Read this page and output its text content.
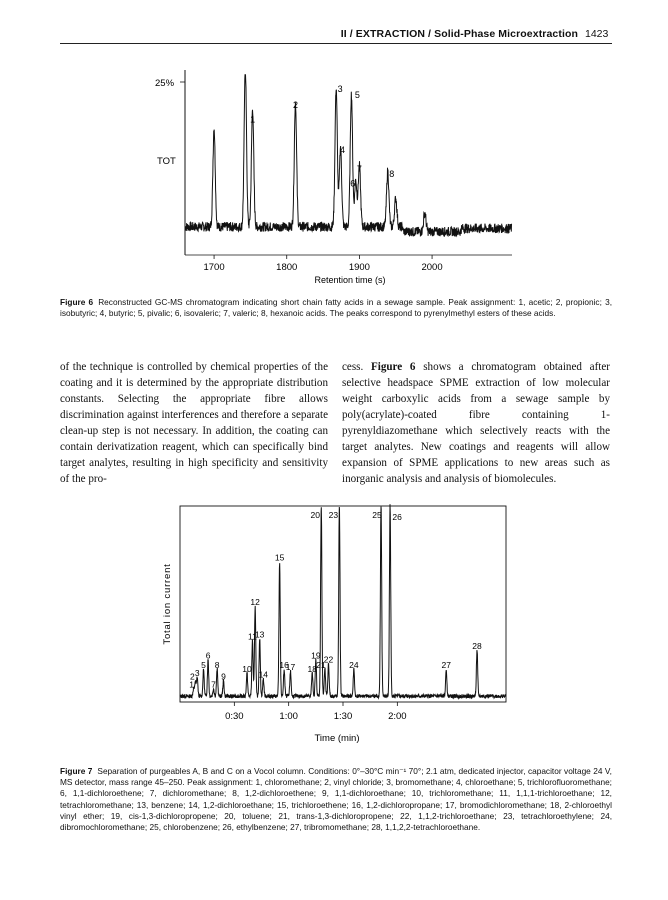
II / EXTRACTION / Solid-Phase Microextraction 1423
25%
TOT
Retention time (s)
1700	1800	1900	2000
1
2
3
4
5
6
7	8
Figure 6 Reconstructed GC-MS chromatogram indicating short chain fatty acids in a sewage sample. Peak assignment: 1, acetic; 2, propionic; 3, isobutyric; 4, butyric; 5, pivalic; 6, isovaleric; 7, valeric; 8, hexanoic acids. The peaks correspond to pyrenylmethyl esters of these acids.
of the technique is controlled by chemical properties of the coating and it is determined by the appropriate distribution constants. Selecting the appropriate fibre allows discrimination against interferences and therefore a separate clean-up step is not necessary. In addition, the coating can contain derivatization reagent, which can specifically bind target analytes, resulting in high specificity and sensitivity of the pro-
cess. Figure 6 shows a chromatogram obtained after selective headspace SPME extraction of low molecular weight carboxylic acids from a sewage sample by poly(acrylate)-coated fibre containing 1-pyrenyldiazomethane which selectively reacts with the target analytes. New coatings and reagents will allow expansion of SPME applications to new areas such as inorganic analysis and analysis of biomolecules.
Total ion current
Time (min)
0:30	1:00	1:30	2:00
1
2 3
5
6
7
8
9
10
11
12
13
14
15
16
17 18
19
20
21
22
23
24
25 26
27
28
Figure 7 Separation of purgeables A, B and C on a Vocol column. Conditions: 0°–30°C min⁻¹ 70°; 2.1 atm, dedicated injector, capacitor voltage 24 V, MS detector, mass range 45–250. Peak assignment: 1, chloromethane; 2, vinyl chloride; 3, bromomethane; 4, chloroethane; 5, trichlorofluoromethane; 6, 1,1-dichloroethene; 7, dichloromethane; 8, 1,2-dichloroethene; 9, 1,1-dichloroethane; 10, trichloromethane; 11, 1,1,1-trichloroethane; 12, tetrachloromethane; 13, benzene; 14, 1,2-dichloroethane; 15, trichloroethene; 16, 1,2-dichloropropane; 17, bromodichloromethane; 18, 2-chloroethyl vinyl ether; 19, cis-1,3-dichloropropene; 20, toluene; 21, trans-1,3-dichloropropene; 22, 1,1,2-trichloroethane; 23, tetrachloroethylene; 24, dibromochloromethane; 25, chlorobenzene; 26, ethylbenzene; 27, tribromomethane; 28, 1,1,2,2-tetrachloroethane.
